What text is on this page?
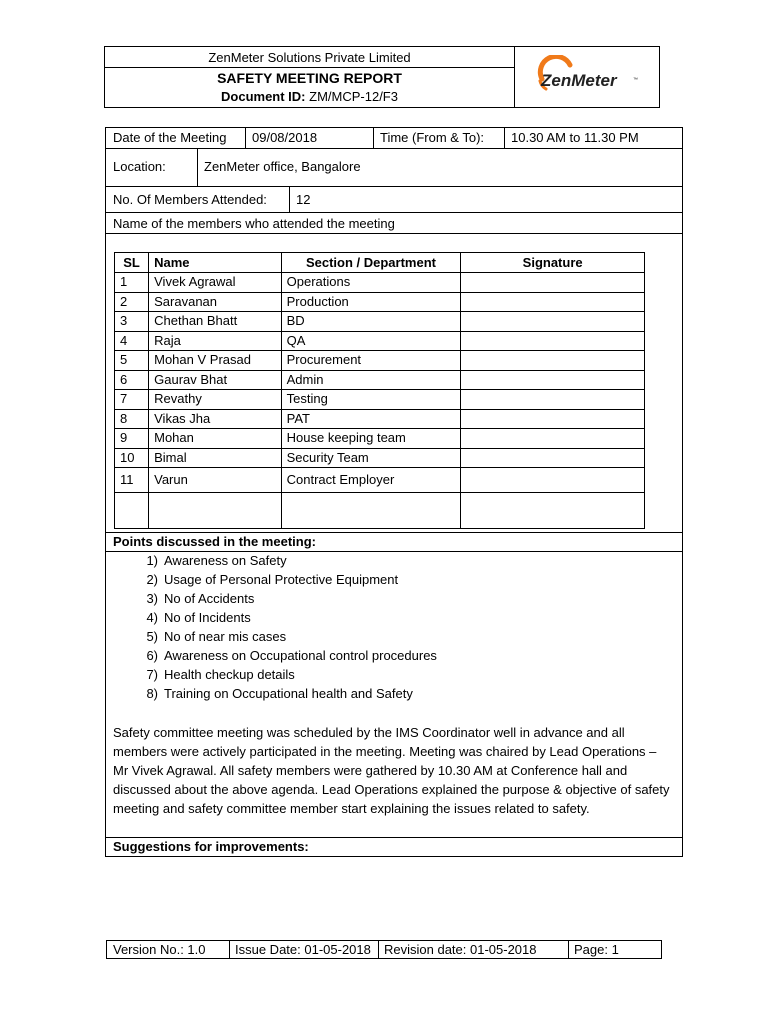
ZenMeter Solutions Private Limited
SAFETY MEETING REPORT
Document ID: ZM/MCP-12/F3
ZenMeter	™
Date of the Meeting 09/08/2018	Time (From & To): 10.30 AM to 11.30 PM
Location:	ZenMeter office, Bangalore
No. Of Members Attended: 12
Name of the members who attended the meeting
SL	Name	Section / Department	Signature
1	Vivek Agrawal	Operations	
2	Saravanan	Production	
3	Chethan Bhatt	BD	
4	Raja	QA	
5	Mohan V Prasad	Procurement	
6	Gaurav Bhat	Admin	
7	Revathy	Testing	
8	Vikas Jha	PAT	
9	Mohan	House keeping team	
10	Bimal	Security Team	
11	Varun	Contract Employer	

Points discussed in the meeting:
1) Awareness on Safety
2) Usage of Personal Protective Equipment
3) No of Accidents
4) No of Incidents
5) No of near mis cases
6) Awareness on Occupational control procedures
7) Health checkup details
8) Training on Occupational health and Safety
Safety committee meeting was scheduled by the IMS Coordinator well in advance and all members were actively participated in the meeting. Meeting was chaired by Lead Operations – Mr Vivek Agrawal. All safety members were gathered by 10.30 AM at Conference hall and discussed about the above agenda. Lead Operations explained the purpose & objective of safety meeting and safety committee member start explaining the issues related to safety.
Suggestions for improvements:
Version No.: 1.0	Issue Date: 01-05-2018	Revision date: 01-05-2018	Page: 1
